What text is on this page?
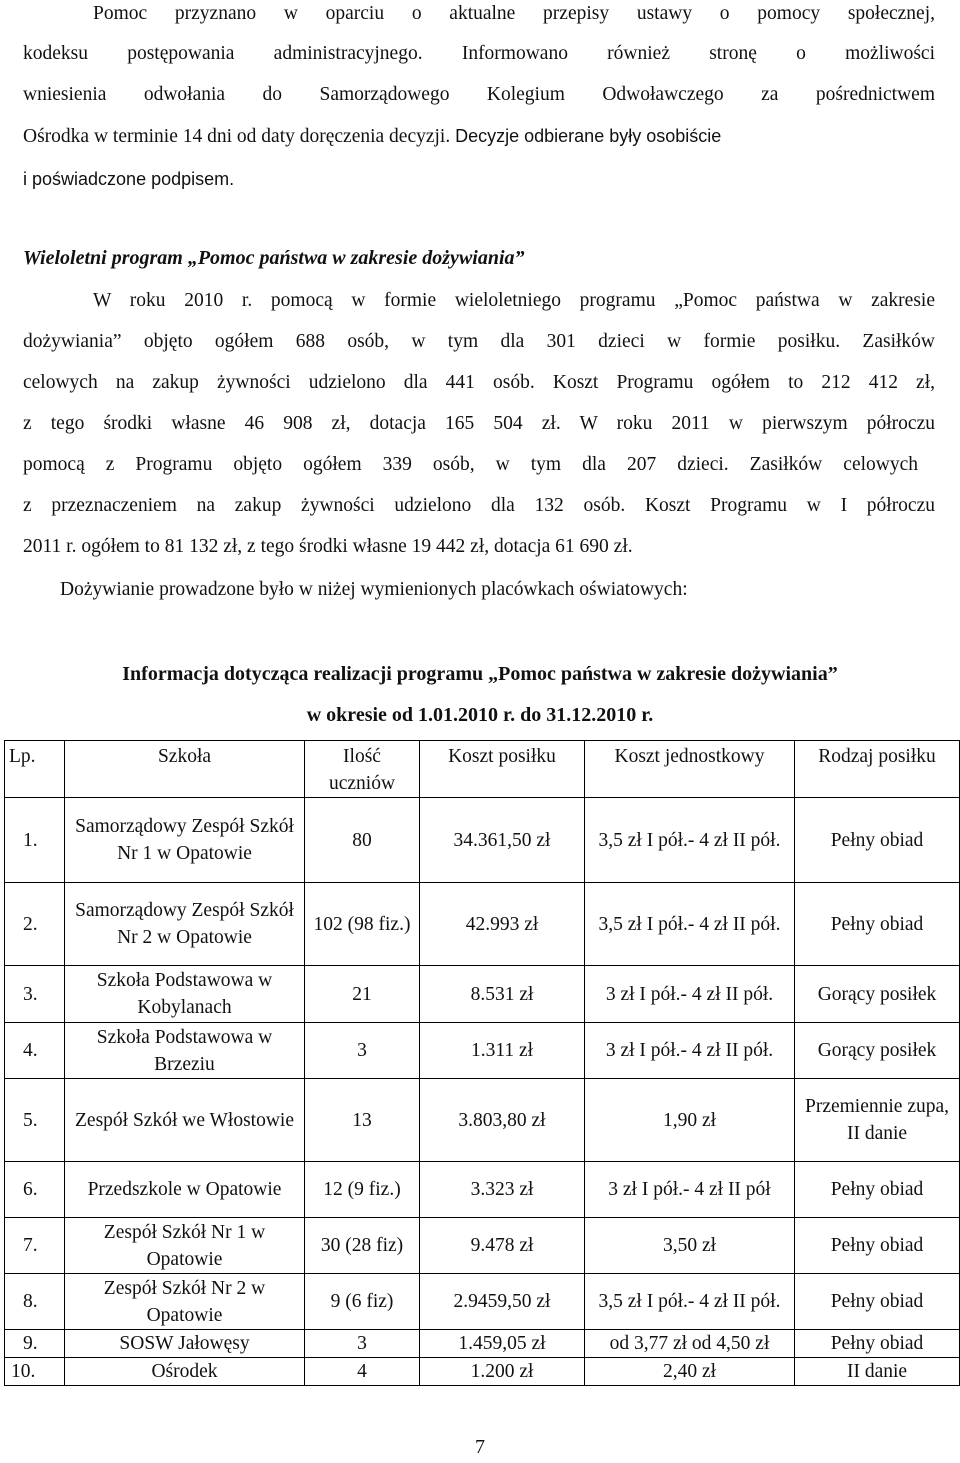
Pomoc przyznano w oparciu o aktualne przepisy ustawy o pomocy społecznej,
kodeksu postępowania administracyjnego. Informowano również stronę o możliwości
wniesienia odwołania do Samorządowego Kolegium Odwoławczego za pośrednictwem
Ośrodka w terminie 14 dni od daty doręczenia decyzji. Decyzje odbierane były osobiście
i poświadczone podpisem.
Wieloletni program „Pomoc państwa w zakresie dożywiania”
W roku 2010 r. pomocą w formie wieloletniego programu „Pomoc państwa w zakresie
dożywiania” objęto ogółem 688 osób, w tym dla 301 dzieci w formie posiłku. Zasiłków
celowych na zakup żywności udzielono dla 441 osób. Koszt Programu ogółem to 212 412 zł,
z tego środki własne 46 908 zł, dotacja 165 504 zł. W roku 2011 w pierwszym półroczu
pomocą z Programu objęto ogółem 339 osób, w tym dla 207 dzieci. Zasiłków celowych
z przeznaczeniem na zakup żywności udzielono dla 132 osób. Koszt Programu w I półroczu
2011 r. ogółem to 81 132 zł, z tego środki własne 19 442 zł, dotacja 61 690 zł.
Dożywianie prowadzone było w niżej wymienionych placówkach oświatowych:
Informacja dotycząca realizacji programu „Pomoc państwa w zakresie dożywiania”
w okresie od 1.01.2010 r. do 31.12.2010 r.
Lp.	Szkoła	Ilość uczniów	Koszt posiłku	Koszt jednostkowy	Rodzaj posiłku
1.	Samorządowy Zespół Szkół Nr 1 w Opatowie	80	34.361,50 zł	3,5 zł I pół.- 4 zł II pół.	Pełny obiad
2.	Samorządowy Zespół Szkół Nr 2 w Opatowie	102 (98 fiz.)	42.993 zł	3,5 zł I pół.- 4 zł II pół.	Pełny obiad
3.	Szkoła Podstawowa w Kobylanach	21	8.531 zł	3 zł I pół.- 4 zł II pół.	Gorący posiłek
4.	Szkoła Podstawowa w Brzeziu	3	1.311 zł	3 zł I pół.- 4 zł II pół.	Gorący posiłek
5.	Zespół Szkół we Włostowie	13	3.803,80 zł	1,90 zł	Przemiennie zupa, II danie
6.	Przedszkole w Opatowie	12 (9 fiz.)	3.323 zł	3 zł I pół.- 4 zł II pół	Pełny obiad
7.	Zespół Szkół Nr 1 w Opatowie	30 (28 fiz)	9.478 zł	3,50 zł	Pełny obiad
8.	Zespół Szkół Nr 2 w Opatowie	9 (6 fiz)	2.9459,50 zł	3,5 zł I pół.- 4 zł II pół.	Pełny obiad
9.	SOSW Jałowęsy	3	1.459,05 zł	od 3,77 zł od 4,50 zł	Pełny obiad
10.	Ośrodek	4	1.200 zł	2,40 zł	II danie
7
